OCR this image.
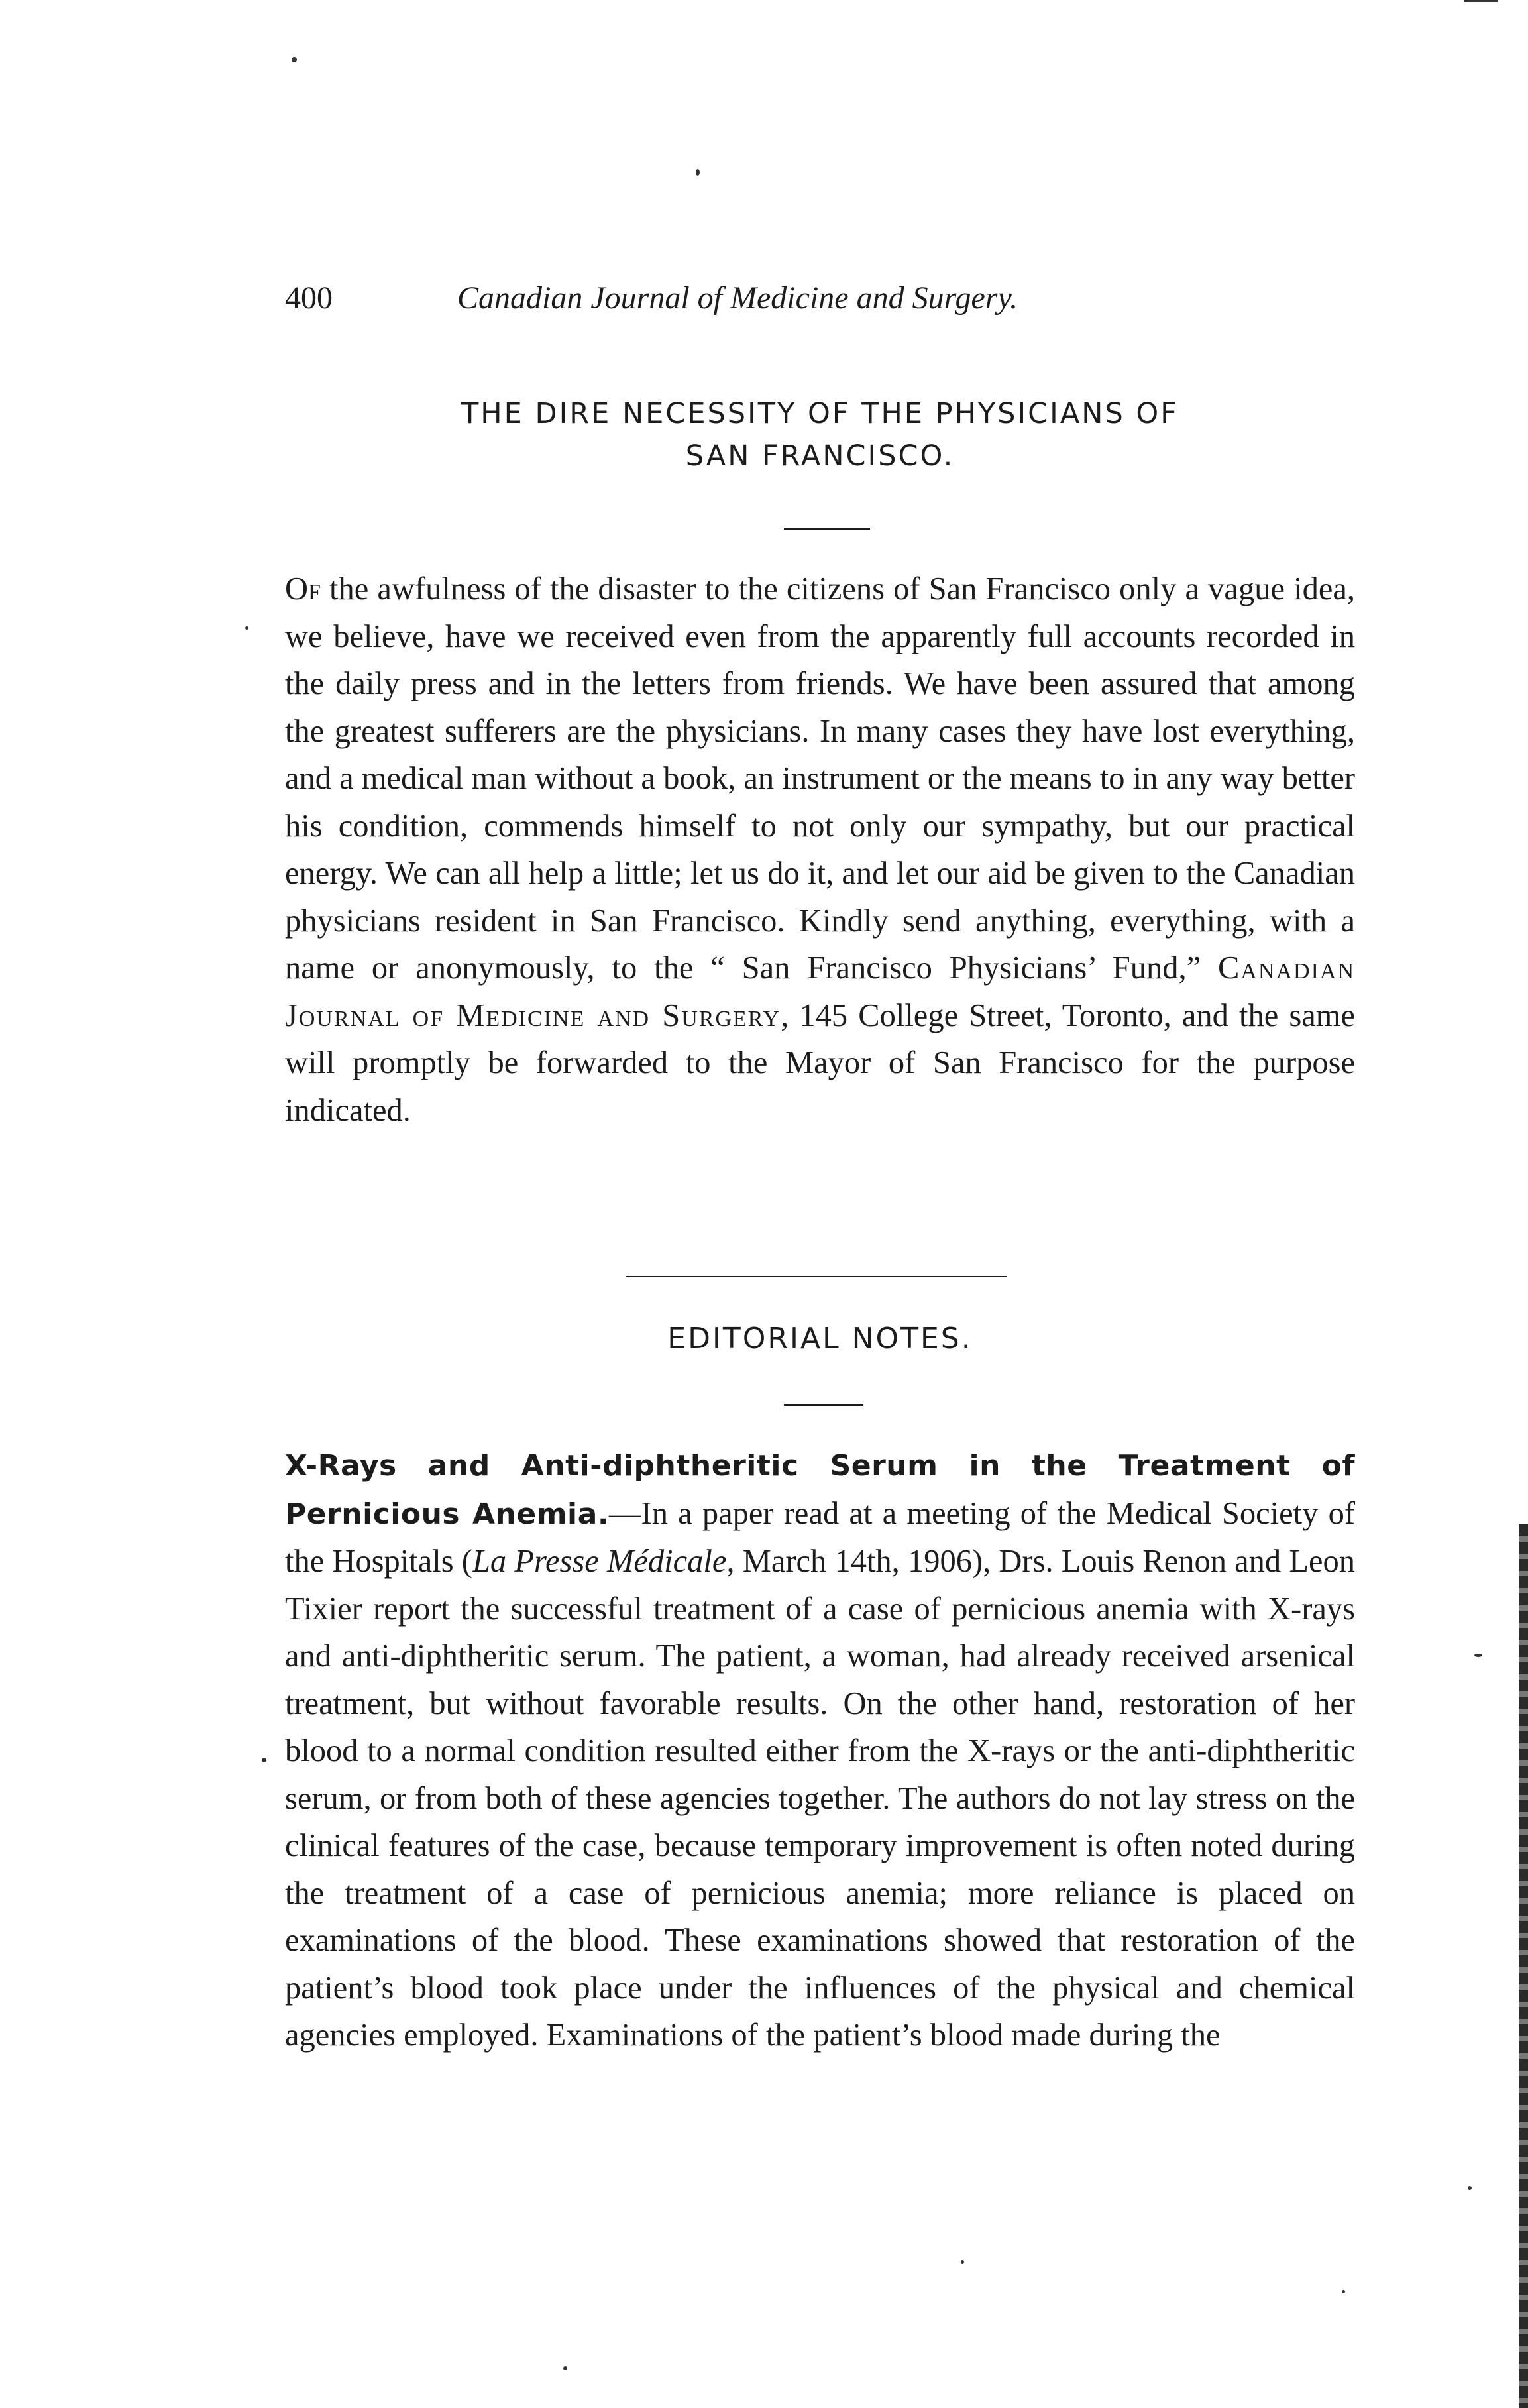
400	Canadian Journal of Medicine and Surgery.
THE DIRE NECESSITY OF THE PHYSICIANS OF
SAN FRANCISCO.

Of the awfulness of the disaster to the citizens of San Francisco only a vague idea, we believe, have we received even from the apparently full accounts recorded in the daily press and in the letters from friends. We have been assured that among the greatest sufferers are the physicians. In many cases they have lost everything, and a medical man without a book, an instrument or the means to in any way better his condition, commends himself to not only our sympathy, but our practical energy. We can all help a little; let us do it, and let our aid be given to the Canadian physicians resident in San Francisco. Kindly send anything, everything, with a name or anonymously, to the “ San Francisco Physicians’ Fund,” Canadian Journal of Medicine and Surgery, 145 College Street, Toronto, and the same will promptly be forwarded to the Mayor of San Francisco for the purpose indicated.

EDITORIAL NOTES.

X-Rays and Anti-diphtheritic Serum in the Treatment of Pernicious Anemia.—In a paper read at a meeting of the Medical Society of the Hospitals (La Presse Médicale, March 14th, 1906), Drs. Louis Renon and Leon Tixier report the successful treatment of a case of pernicious anemia with X-rays and anti-diphtheritic serum. The patient, a woman, had already received arsenical treatment, but without favorable results. On the other hand, restoration of her blood to a normal condition resulted either from the X-rays or the anti-diphtheritic serum, or from both of these agencies together. The authors do not lay stress on the clinical features of the case, because temporary improvement is often noted during the treatment of a case of pernicious anemia; more reliance is placed on examinations of the blood. These examinations showed that restoration of the patient’s blood took place under the influences of the physical and chemical agencies employed. Examinations of the patient’s blood made during the
